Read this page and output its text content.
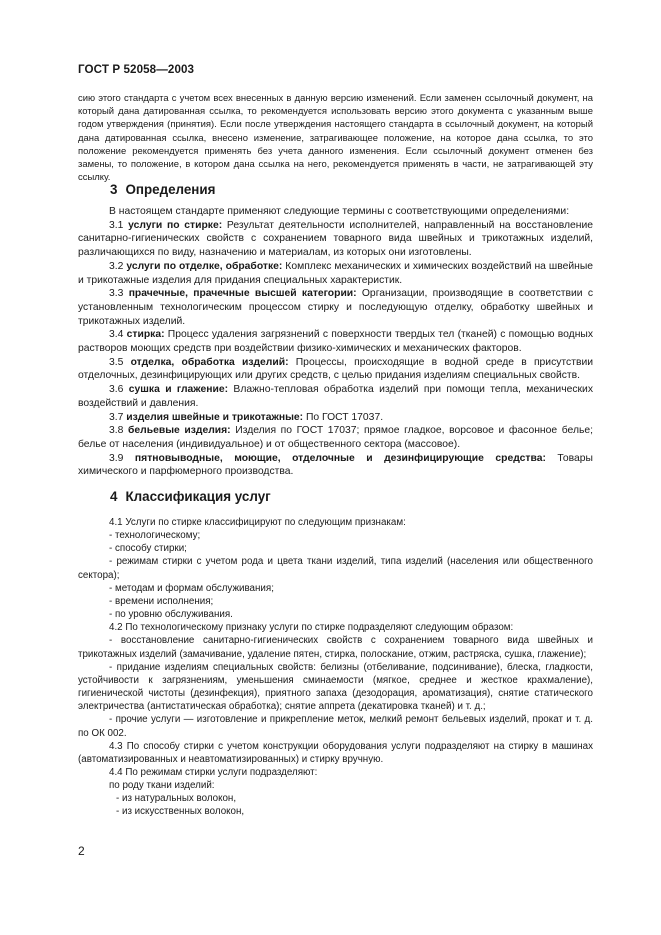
ГОСТ Р 52058—2003

сию этого стандарта с учетом всех внесенных в данную версию изменений. Если заменен ссылочный документ, на который дана датированная ссылка, то рекомендуется использовать версию этого документа с указанным выше годом утверждения (принятия). Если после утверждения настоящего стандарта в ссылочный документ, на который дана датированная ссылка, внесено изменение, затрагивающее положение, на которое дана ссылка, то это положение рекомендуется применять без учета данного изменения. Если ссылочный документ отменен без замены, то положение, в котором дана ссылка на него, рекомендуется применять в части, не затрагивающей эту ссылку.

3 Определения

В настоящем стандарте применяют следующие термины с соответствующими определениями:

3.1 услуги по стирке: Результат деятельности исполнителей, направленный на восстановление санитарно-гигиенических свойств с сохранением товарного вида швейных и трикотажных изделий, различающихся по виду, назначению и материалам, из которых они изготовлены.

3.2 услуги по отделке, обработке: Комплекс механических и химических воздействий на швейные и трикотажные изделия для придания специальных характеристик.

3.3 прачечные, прачечные высшей категории: Организации, производящие в соответствии с установленным технологическим процессом стирку и последующую отделку, обработку швейных и трикотажных изделий.

3.4 стирка: Процесс удаления загрязнений с поверхности твердых тел (тканей) с помощью водных растворов моющих средств при воздействии физико-химических и механических факторов.

3.5 отделка, обработка изделий: Процессы, происходящие в водной среде в присутствии отделочных, дезинфицирующих или других средств, с целью придания изделиям специальных свойств.

3.6 сушка и глажение: Влажно-тепловая обработка изделий при помощи тепла, механических воздействий и давления.

3.7 изделия швейные и трикотажные: По ГОСТ 17037.

3.8 бельевые изделия: Изделия по ГОСТ 17037; прямое гладкое, ворсовое и фасонное белье; белье от населения (индивидуальное) и от общественного сектора (массовое).

3.9 пятновыводные, моющие, отделочные и дезинфицирующие средства: Товары химического и парфюмерного производства.

4 Классификация услуг

4.1 Услуги по стирке классифицируют по следующим признакам:

- технологическому;

- способу стирки;

- режимам стирки с учетом рода и цвета ткани изделий, типа изделий (населения или общественного сектора);

- методам и формам обслуживания;

- времени исполнения;

- по уровню обслуживания.

4.2 По технологическому признаку услуги по стирке подразделяют следующим образом:

- восстановление санитарно-гигиенических свойств с сохранением товарного вида швейных и трикотажных изделий (замачивание, удаление пятен, стирка, полоскание, отжим, растряска, сушка, глажение);

- придание изделиям специальных свойств: белизны (отбеливание, подсинивание), блеска, гладкости, устойчивости к загрязнениям, уменьшения сминаемости (мягкое, среднее и жесткое крахмаление), гигиенической чистоты (дезинфекция), приятного запаха (дезодорация, ароматизация), снятие статического электричества (антистатическая обработка); снятие аппрета (декатировка тканей) и т. д.;

- прочие услуги — изготовление и прикрепление меток, мелкий ремонт бельевых изделий, прокат и т. д. по ОК 002.

4.3 По способу стирки с учетом конструкции оборудования услуги подразделяют на стирку в машинах (автоматизированных и неавтоматизированных) и стирку вручную.

4.4 По режимам стирки услуги подразделяют:

по роду ткани изделий:

- из натуральных волокон,

- из искусственных волокон,

2
